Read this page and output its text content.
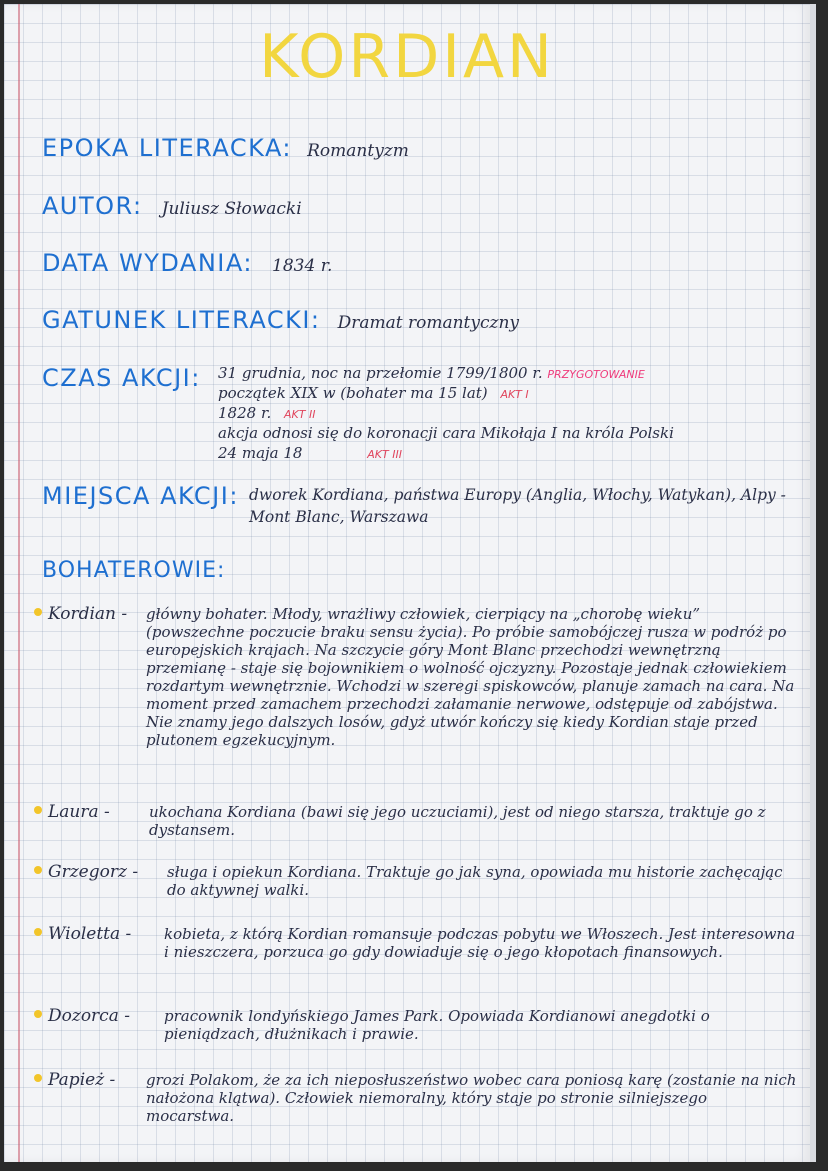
KORDIAN
EPOKA LITERACKA: Romantyzm
AUTOR: Juliusz Słowacki
DATA WYDANIA: 1834 r.
GATUNEK LITERACKI: Dramat romantyczny
CZAS AKCJI: 31 grudnia, noc na przełomie 1799/1800 r. PRZYGOTOWANIE
początek XIX w (bohater ma 15 lat) AKT I
1828 r. AKT II
akcja odnosi się do koronacji cara Mikołaja I na króla Polski
24 maja 18	AKT III
MIEJSCA AKCJI: dworek Kordiana, państwa Europy (Anglia, Włochy, Watykan), Alpy - Mont Blanc, Warszawa
BOHATEROWIE:
Kordian - główny bohater. Młody, wrażliwy człowiek, cierpiący na „chorobę wieku” (powszechne poczucie braku sensu życia). Po próbie samobójczej rusza w podróż po europejskich krajach. Na szczycie góry Mont Blanc przechodzi wewnętrzną przemianę - staje się bojownikiem o wolność ojczyzny. Pozostaje jednak człowiekiem rozdartym wewnętrznie. Wchodzi w szeregi spiskowców, planuje zamach na cara. Na moment przed zamachem przechodzi załamanie nerwowe, odstępuje od zabójstwa. Nie znamy jego dalszych losów, gdyż utwór kończy się kiedy Kordian staje przed plutonem egzekucyjnym.
Laura -	ukochana Kordiana (bawi się jego uczuciami), jest od niego starsza, traktuje go z dystansem.
Grzegorz - sługa i opiekun Kordiana. Traktuje go jak syna, opowiada mu historie zachęcając do aktywnej walki.
Wioletta - kobieta, z którą Kordian romansuje podczas pobytu we Włoszech. Jest interesowna i nieszczera, porzuca go gdy dowiaduje się o jego kłopotach finansowych.
Dozorca - pracownik londyńskiego James Park. Opowiada Kordianowi anegdotki o pieniądzach, dłużnikach i prawie.
Papież - grozi Polakom, że za ich nieposłuszeństwo wobec cara poniosą karę (zostanie na nich nałożona klątwa). Człowiek niemoralny, który staje po stronie silniejszego mocarstwa.
